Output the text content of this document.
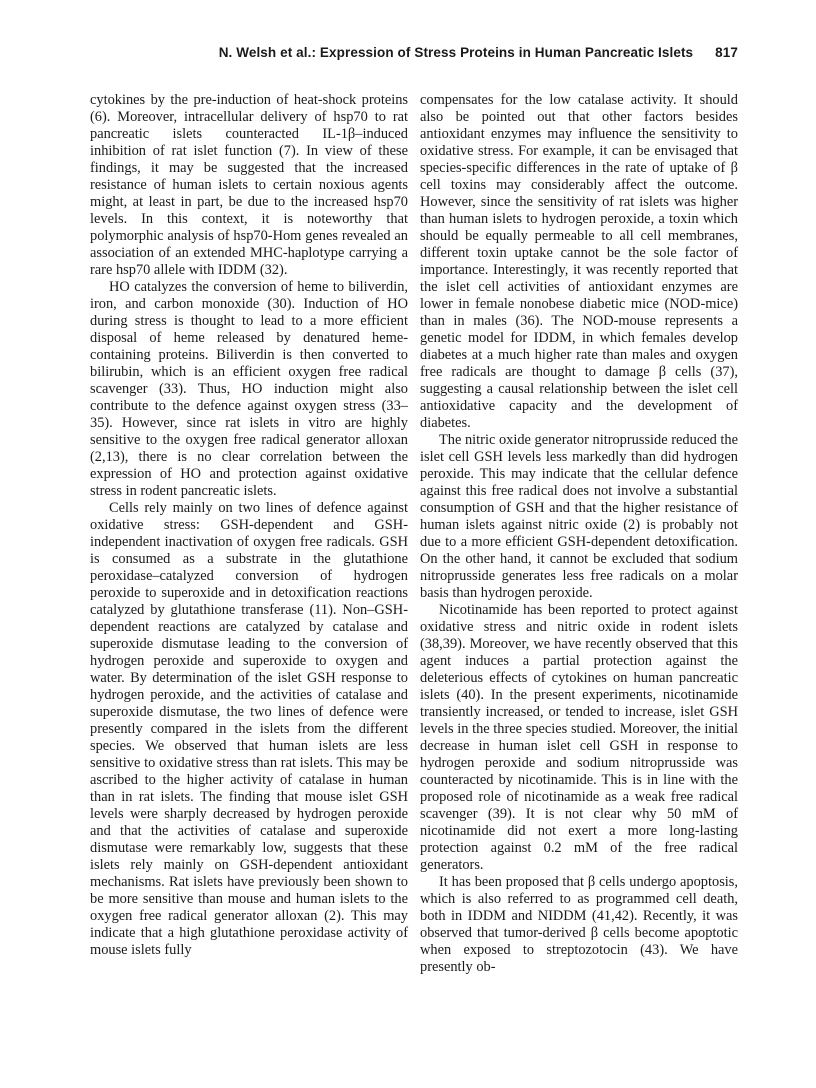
N. Welsh et al.: Expression of Stress Proteins in Human Pancreatic Islets 817

cytokines by the pre-induction of heat-shock proteins (6). Moreover, intracellular delivery of hsp70 to rat pancreatic islets counteracted IL-1β–induced inhibition of rat islet function (7). In view of these findings, it may be suggested that the increased resistance of human islets to certain noxious agents might, at least in part, be due to the increased hsp70 levels. In this context, it is noteworthy that polymorphic analysis of hsp70-Hom genes revealed an association of an extended MHC-haplotype carrying a rare hsp70 allele with IDDM (32).

HO catalyzes the conversion of heme to biliverdin, iron, and carbon monoxide (30). Induction of HO during stress is thought to lead to a more efficient disposal of heme released by denatured heme-containing proteins. Biliverdin is then converted to bilirubin, which is an efficient oxygen free radical scavenger (33). Thus, HO induction might also contribute to the defence against oxygen stress (33–35). However, since rat islets in vitro are highly sensitive to the oxygen free radical generator alloxan (2,13), there is no clear correlation between the expression of HO and protection against oxidative stress in rodent pancreatic islets.

Cells rely mainly on two lines of defence against oxidative stress: GSH-dependent and GSH-independent inactivation of oxygen free radicals. GSH is consumed as a substrate in the glutathione peroxidase–catalyzed conversion of hydrogen peroxide to superoxide and in detoxification reactions catalyzed by glutathione transferase (11). Non–GSH-dependent reactions are catalyzed by catalase and superoxide dismutase leading to the conversion of hydrogen peroxide and superoxide to oxygen and water. By determination of the islet GSH response to hydrogen peroxide, and the activities of catalase and superoxide dismutase, the two lines of defence were presently compared in the islets from the different species. We observed that human islets are less sensitive to oxidative stress than rat islets. This may be ascribed to the higher activity of catalase in human than in rat islets. The finding that mouse islet GSH levels were sharply decreased by hydrogen peroxide and that the activities of catalase and superoxide dismutase were remarkably low, suggests that these islets rely mainly on GSH-dependent antioxidant mechanisms. Rat islets have previously been shown to be more sensitive than mouse and human islets to the oxygen free radical generator alloxan (2). This may indicate that a high glutathione peroxidase activity of mouse islets fully

compensates for the low catalase activity. It should also be pointed out that other factors besides antioxidant enzymes may influence the sensitivity to oxidative stress. For example, it can be envisaged that species-specific differences in the rate of uptake of β cell toxins may considerably affect the outcome. However, since the sensitivity of rat islets was higher than human islets to hydrogen peroxide, a toxin which should be equally permeable to all cell membranes, different toxin uptake cannot be the sole factor of importance. Interestingly, it was recently reported that the islet cell activities of antioxidant enzymes are lower in female nonobese diabetic mice (NOD-mice) than in males (36). The NOD-mouse represents a genetic model for IDDM, in which females develop diabetes at a much higher rate than males and oxygen free radicals are thought to damage β cells (37), suggesting a causal relationship between the islet cell antioxidative capacity and the development of diabetes.

The nitric oxide generator nitroprusside reduced the islet cell GSH levels less markedly than did hydrogen peroxide. This may indicate that the cellular defence against this free radical does not involve a substantial consumption of GSH and that the higher resistance of human islets against nitric oxide (2) is probably not due to a more efficient GSH-dependent detoxification. On the other hand, it cannot be excluded that sodium nitroprusside generates less free radicals on a molar basis than hydrogen peroxide.

Nicotinamide has been reported to protect against oxidative stress and nitric oxide in rodent islets (38,39). Moreover, we have recently observed that this agent induces a partial protection against the deleterious effects of cytokines on human pancreatic islets (40). In the present experiments, nicotinamide transiently increased, or tended to increase, islet GSH levels in the three species studied. Moreover, the initial decrease in human islet cell GSH in response to hydrogen peroxide and sodium nitroprusside was counteracted by nicotinamide. This is in line with the proposed role of nicotinamide as a weak free radical scavenger (39). It is not clear why 50 mM of nicotinamide did not exert a more long-lasting protection against 0.2 mM of the free radical generators.

It has been proposed that β cells undergo apoptosis, which is also referred to as programmed cell death, both in IDDM and NIDDM (41,42). Recently, it was observed that tumor-derived β cells become apoptotic when exposed to streptozotocin (43). We have presently ob-
